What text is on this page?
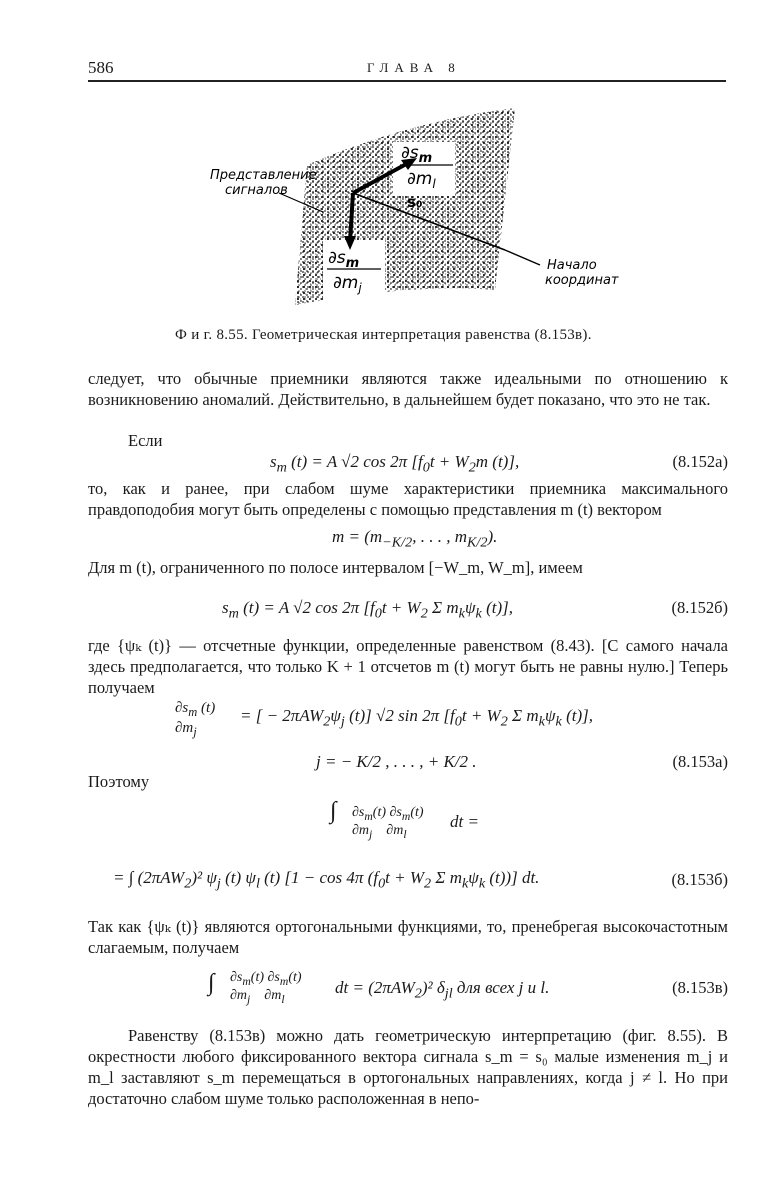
586	ГЛАВА 8
$\partial s_m$
$\partial m_l$
$\partial s_m$
$\partial m_j$
s₀
Представление
сигналов
Начало
координат
Ф и г. 8.55. Геометрическая интерпретация равенства (8.153в).
следует, что обычные приемники являются также идеальными по отношению к возникновению аномалий. Действительно, в дальнейшем будет показано, что это не так.
Если
$s_m$ (t) = A √2 cos 2π [$f_0t + W_2m$ (t)],	(8.152a)
то, как и ранее, при слабом шуме характеристики приемника максимального правдоподобия могут быть определены с помощью представления m (t) вектором
$m = (m_{-K/2}$, . . . , $m_{K/2}$).
Для m (t), ограниченного по полосе интервалом [−W_m, W_m], имеем
$s_m$ (t) = A √2 cos 2π [$f_0t + W_2$ Σ $m_k\psi_k$ (t)],	(8.152б)
где {ψₖ (t)} — отсчетные функции, определенные равенством (8.43). [С самого начала здесь предполагается, что только K + 1 отсчетов m (t) могут быть не равны нулю.] Теперь получаем
$\partial s_m$ (t)
$\partial m_j$
= [ − $2\pi AW_2\psi_j$ (t)] √2 sin 2π [$f_0t + W_2$ Σ $m_k\psi_k$ (t)],
j = − K/2 , . . . , + K/2 .	(8.153a)
Поэтому
∫ $\partial s_m(t)$ $\partial s_m(t)$
$\partial m_j$    $\partial m_l$
dt =
= ∫ (2πAW$_2$)² $\psi_j$ (t) $\psi_l$ (t) [1 − cos 4π ($f_0t + W_2$ Σ $m_k\psi_k$ (t))] dt.	(8.153б)
Так как {ψₖ (t)} являются ортогональными функциями, то, пренебрегая высокочастотным слагаемым, получаем
∫ $\partial s_m(t)$ $\partial s_m(t)$
$\partial m_j$    $\partial m_l$
dt = (2πAW$_2$)² $\delta_{jl}$ для всех j и l.	(8.153в)
Равенству (8.153в) можно дать геометрическую интерпретацию (фиг. 8.55). В окрестности любого фиксированного вектора сигнала s_m = s₀ малые изменения m_j и m_l заставляют s_m перемещаться в ортогональных направлениях, когда j ≠ l. Но при достаточно слабом шуме только расположенная в непо-
